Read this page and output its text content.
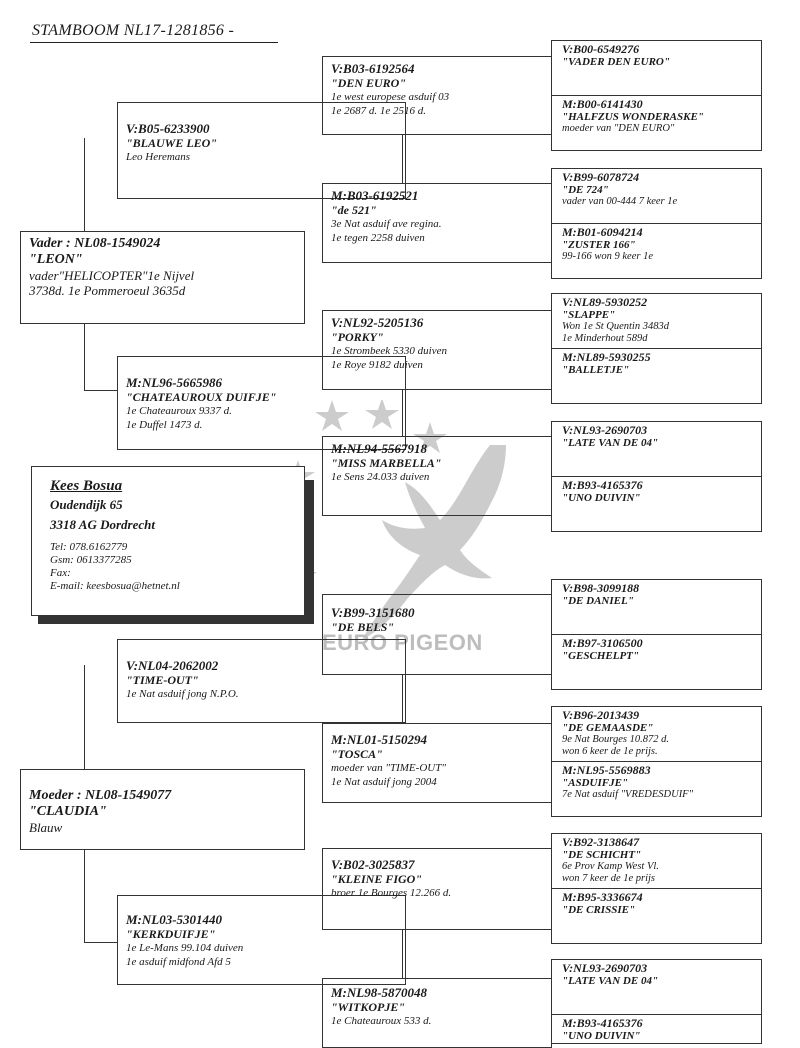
STAMBOOM NL17-1281856 -
EURO PIGEON
Vader : NL08-1549024
"LEON"
vader"HELICOPTER"1e Nijvel
3738d. 1e Pommeroeul 3635d
Moeder : NL08-1549077
"CLAUDIA"
Blauw
V:B05-6233900
"BLAUWE LEO"
Leo Heremans
M:NL96-5665986
"CHATEAUROUX DUIFJE"
1e Chateauroux 9337 d.
1e Duffel 1473 d.
V:NL04-2062002
"TIME-OUT"
1e Nat asduif jong N.P.O.
M:NL03-5301440
"KERKDUIFJE"
1e Le-Mans 99.104 duiven
1e asduif midfond Afd 5
V:B03-6192564
"DEN EURO"
1e west europese asduif 03
1e 2687 d. 1e 2516 d.
M:B03-6192521
"de 521"
3e Nat asduif ave regina.
1e tegen 2258 duiven
V:NL92-5205136
"PORKY"
1e Strombeek 5330 duiven
1e Roye 9182 duiven
M:NL94-5567918
"MISS MARBELLA"
1e Sens 24.033 duiven
V:B99-3151680
"DE BELS"
M:NL01-5150294
"TOSCA"
moeder van "TIME-OUT"
1e Nat asduif jong 2004
V:B02-3025837
"KLEINE FIGO"
broer 1e Bourges 12.266 d.
M:NL98-5870048
"WITKOPJE"
1e Chateauroux 533 d.
V:B00-6549276
"VADER DEN EURO"
M:B00-6141430
"HALFZUS WONDERASKE"
moeder van "DEN EURO"
V:B99-6078724
"DE 724"
vader van 00-444 7 keer 1e
M:B01-6094214
"ZUSTER 166"
99-166 won 9 keer 1e
V:NL89-5930252
"SLAPPE"
Won 1e St Quentin 3483d
1e Minderhout 589d
M:NL89-5930255
"BALLETJE"
V:NL93-2690703
"LATE VAN DE 04"
M:B93-4165376
"UNO DUIVIN"
V:B98-3099188
"DE DANIEL"
M:B97-3106500
"GESCHELPT"
V:B96-2013439
"DE GEMAASDE"
9e Nat Bourges 10.872 d.
won 6 keer de 1e prijs.
M:NL95-5569883
"ASDUIFJE"
7e Nat asduif "VREDESDUIF"
V:B92-3138647
"DE SCHICHT"
6e Prov Kamp West Vl.
won 7 keer de 1e prijs
M:B95-3336674
"DE CRISSIE"
V:NL93-2690703
"LATE VAN DE 04"
M:B93-4165376
"UNO DUIVIN"
Kees Bosua
Oudendijk 65
3318 AG Dordrecht
Tel: 078.6162779
Gsm: 0613377285
Fax:
E-mail: keesbosua@hetnet.nl
